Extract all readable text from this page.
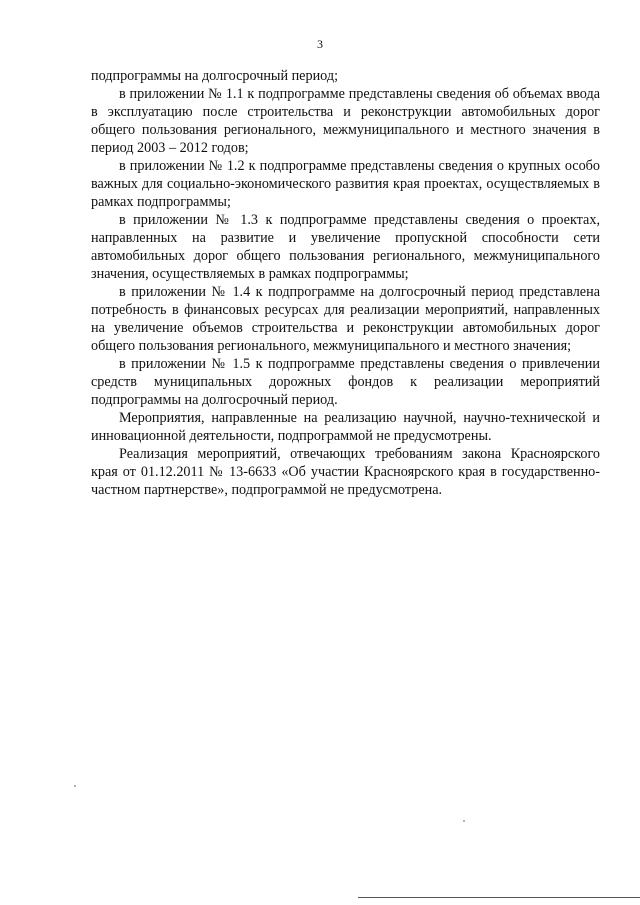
3

подпрограммы на долгосрочный период;

в приложении № 1.1 к подпрограмме представлены сведения об объемах ввода в эксплуатацию после строительства и реконструкции автомобильных дорог общего пользования регионального, межмуниципального и местного значения в период 2003 – 2012 годов;

в приложении № 1.2 к подпрограмме представлены сведения о крупных особо важных для социально-экономического развития края проектах, осуществляемых в рамках подпрограммы;

в приложении № 1.3 к подпрограмме представлены сведения о проектах, направленных на развитие и увеличение пропускной способности сети автомобильных дорог общего пользования регионального, межмуниципального значения, осуществляемых в рамках подпрограммы;

в приложении № 1.4 к подпрограмме на долгосрочный период представлена потребность в финансовых ресурсах для реализации мероприятий, направленных на увеличение объемов строительства и реконструкции автомобильных дорог общего пользования регионального, межмуниципального и местного значения;

в приложении № 1.5 к подпрограмме представлены сведения о привлечении средств муниципальных дорожных фондов к реализации мероприятий подпрограммы на долгосрочный период.

Мероприятия, направленные на реализацию научной, научно-технической и инновационной деятельности, подпрограммой не предусмотрены.

Реализация мероприятий, отвечающих требованиям закона Красноярского края от 01.12.2011 № 13-6633 «Об участии Красноярского края в государственно-частном партнерстве», подпрограммой не предусмотрена.
